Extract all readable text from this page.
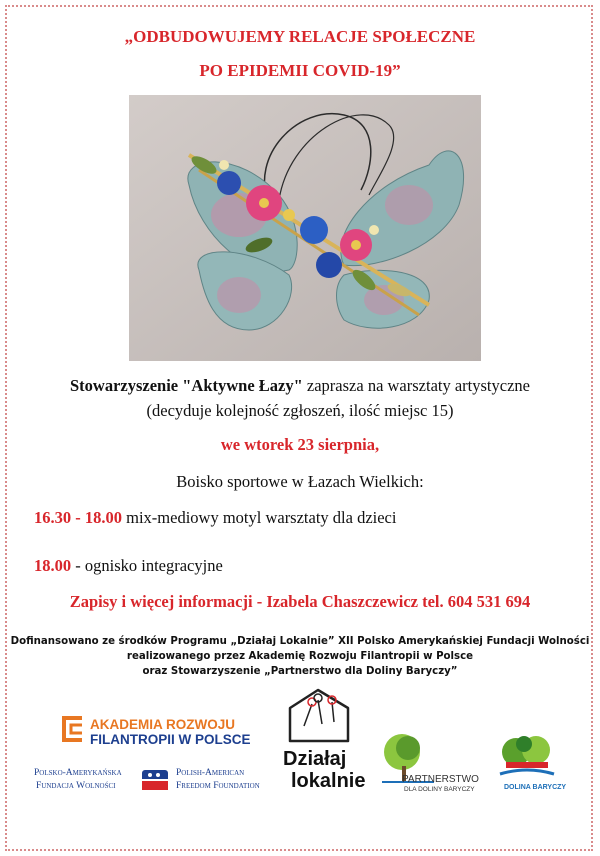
„ODBUDOWUJEMY RELACJE SPOŁECZNE
PO EPIDEMII COVID-19”
Stowarzyszenie "Aktywne Łazy" zaprasza na warsztaty artystyczne
(decyduje kolejność zgłoszeń, ilość miejsc 15)
we wtorek 23 sierpnia,
Boisko sportowe w Łazach Wielkich:
16.30 - 18.00 mix-mediowy motyl warsztaty dla dzieci
18.00 - ognisko integracyjne
Zapisy i więcej informacji - Izabela Chaszczewicz tel. 604 531 694
Dofinansowano ze środków Programu „Działaj Lokalnie” XII Polsko Amerykańskiej Fundacji Wolności
realizowanego przez Akademię Rozwoju Filantropii w Polsce
oraz Stowarzyszenie „Partnerstwo dla Doliny Baryczy”
AKADEMIA ROZWOJU
FILANTROPII W POLSCE
Polsko-Amerykańska
Fundacja Wolności
Polish-American
Freedom Foundation
Działaj
lokalnie	PARTNERSTWO
DLA DOLINY BARYCZY	DOLINA BARYCZY
